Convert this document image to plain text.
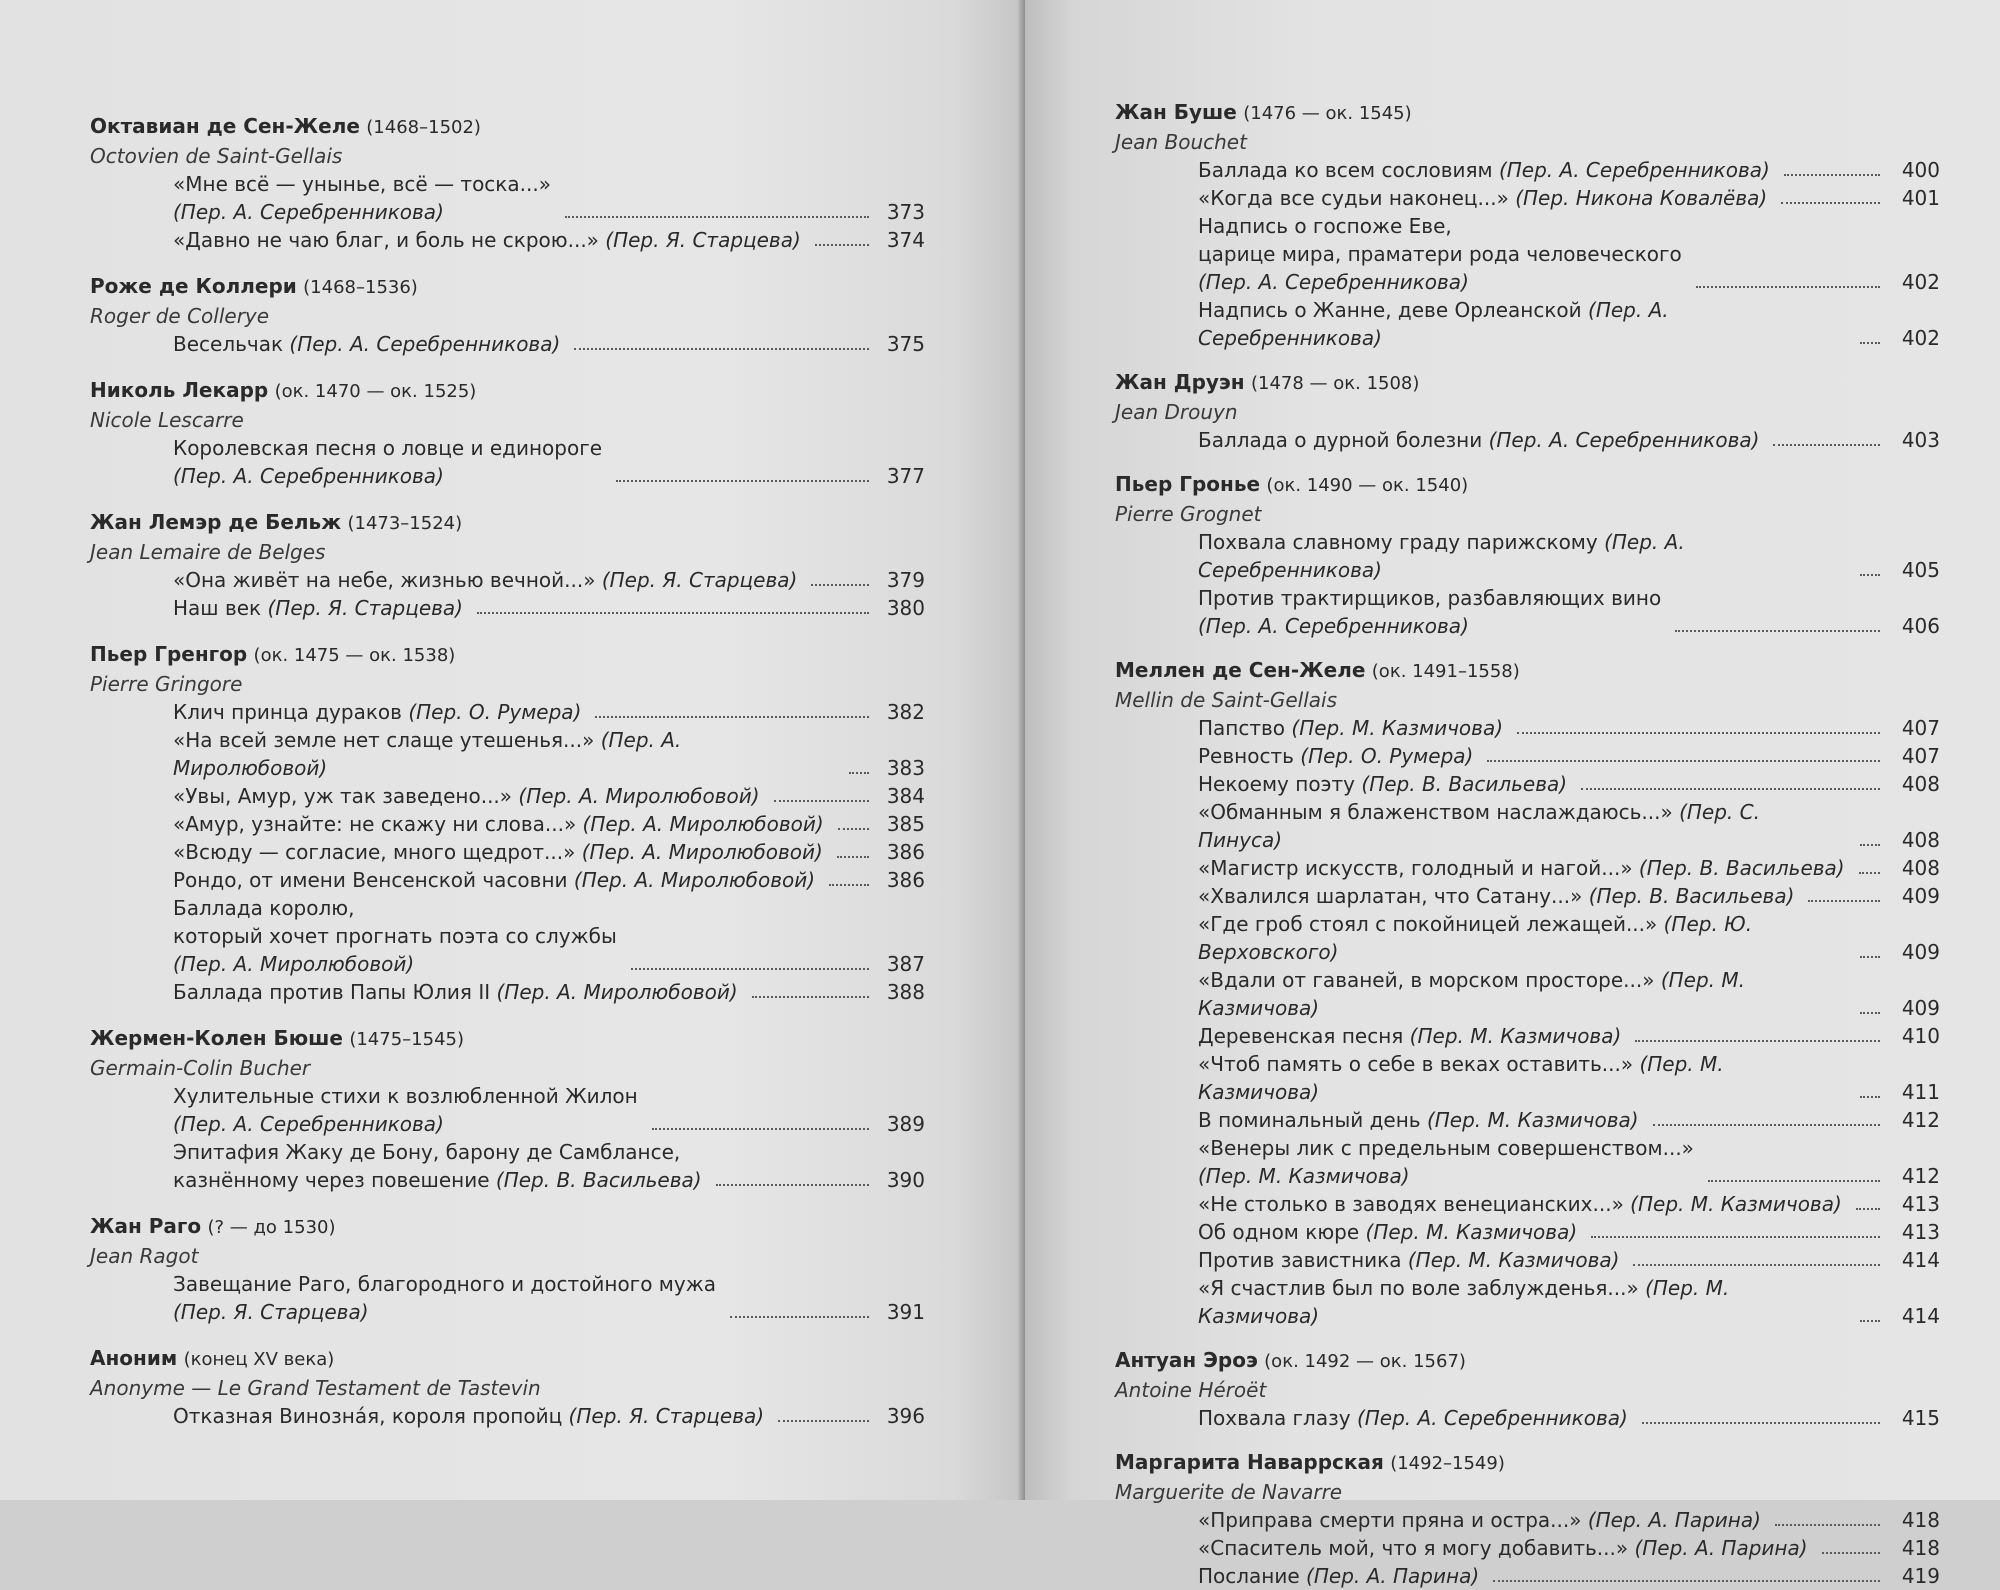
Октавиан де Сен-Желе (1468–1502)
Octovien de Saint-Gellais
«Мне всё — уныньe, всё — тоска...»
(Пер. А. Серебренникова)	373
«Давно не чаю благ, и боль не скрою...» (Пер. Я. Старцева)	374
Роже де Коллери (1468–1536)
Roger de Collerye
Весельчак (Пер. А. Серебренникова)	375
Николь Лекарр (ок. 1470 — ок. 1525)
Nicole Lescarre
Королевская песня о ловце и единороге
(Пер. А. Серебренникова)	377
Жан Лемэр де Бельж (1473–1524)
Jean Lemaire de Belges
«Она живёт на небе, жизнью вечной...» (Пер. Я. Старцева)	379
Наш век (Пер. Я. Старцева)	380
Пьер Гренгор (ок. 1475 — ок. 1538)
Pierre Gringore
Клич принца дураков (Пер. О. Румера)	382
«На всей земле нет слаще утешенья...» (Пер. А. Миролюбовой)	383
«Увы, Амур, уж так заведено...» (Пер. А. Миролюбовой)	384
«Амур, узнайте: не скажу ни слова...» (Пер. А. Миролюбовой)	385
«Всюду — согласие, много щедрот...» (Пер. А. Миролюбовой)	386
Рондо, от имени Венсенской часовни (Пер. А. Миролюбовой)	386
Баллада королю,
который хочет прогнать поэта со службы
(Пер. А. Миролюбовой)	387
Баллада против Папы Юлия II (Пер. А. Миролюбовой)	388
Жермен-Колен Бюше (1475–1545)
Germain-Colin Bucher
Хулительные стихи к возлюбленной Жилон
(Пер. А. Серебренникова)	389
Эпитафия Жаку де Бону, барону де Самблансе,
казнённому через повешение (Пер. В. Васильева)	390
Жан Раго (? — до 1530)
Jean Ragot
Завещание Раго, благородного и достойного мужа
(Пер. Я. Старцева)	391
Аноним (конец XV века)
Anonyme — Le Grand Testament de Tastevin
Отказная Винознáя, короля пропойц (Пер. Я. Старцева)	396
Жан Буше (1476 — ок. 1545)
Jean Bouchet
Баллада ко всем сословиям (Пер. А. Серебренникова)	400
«Когда все судьи наконец...» (Пер. Никона Ковалёва)	401
Надпись о госпоже Еве,
царице мира, праматери рода человеческого
(Пер. А. Серебренникова)	402
Надпись о Жанне, деве Орлеанской (Пер. А. Серебренникова)	402
Жан Друэн (1478 — ок. 1508)
Jean Drouyn
Баллада о дурной болезни (Пер. А. Серебренникова)	403
Пьер Гронье (ок. 1490 — ок. 1540)
Pierre Grognet
Похвала славному граду парижскому (Пер. А. Серебренникова)	405
Против трактирщиков, разбавляющих вино
(Пер. А. Серебренникова)	406
Меллен де Сен-Желе (ок. 1491–1558)
Mellin de Saint-Gellais
Папство (Пер. М. Казмичова)	407
Ревность (Пер. О. Румера)	407
Некоему поэту (Пер. В. Васильева)	408
«Обманным я блаженством наслаждаюсь...» (Пер. С. Пинуса)	408
«Магистр искусств, голодный и нагой...» (Пер. В. Васильева)	408
«Хвалился шарлатан, что Сатану...» (Пер. В. Васильева)	409
«Где гроб стоял с покойницей лежащей...» (Пер. Ю. Верховского)	409
«Вдали от гаваней, в морском просторе...» (Пер. М. Казмичова)	409
Деревенская песня (Пер. М. Казмичова)	410
«Чтоб память о себе в веках оставить...» (Пер. М. Казмичова)	411
В поминальный день (Пер. М. Казмичова)	412
«Венеры лик с предельным совершенством...»
(Пер. М. Казмичова)	412
«Не столько в заводях венецианских...» (Пер. М. Казмичова)	413
Об одном кюре (Пер. М. Казмичова)	413
Против завистника (Пер. М. Казмичова)	414
«Я счастлив был по воле заблужденья...» (Пер. М. Казмичова)	414
Антуан Эроэ (ок. 1492 — ок. 1567)
Antoine Héroët
Похвала глазу (Пер. А. Серебренникова)	415
Маргарита Наваррская (1492–1549)
Marguerite de Navarre
«Приправа смерти пряна и остра...» (Пер. А. Парина)	418
«Спаситель мой, что я могу добавить...» (Пер. А. Парина)	418
Послание (Пер. А. Парина)	419
